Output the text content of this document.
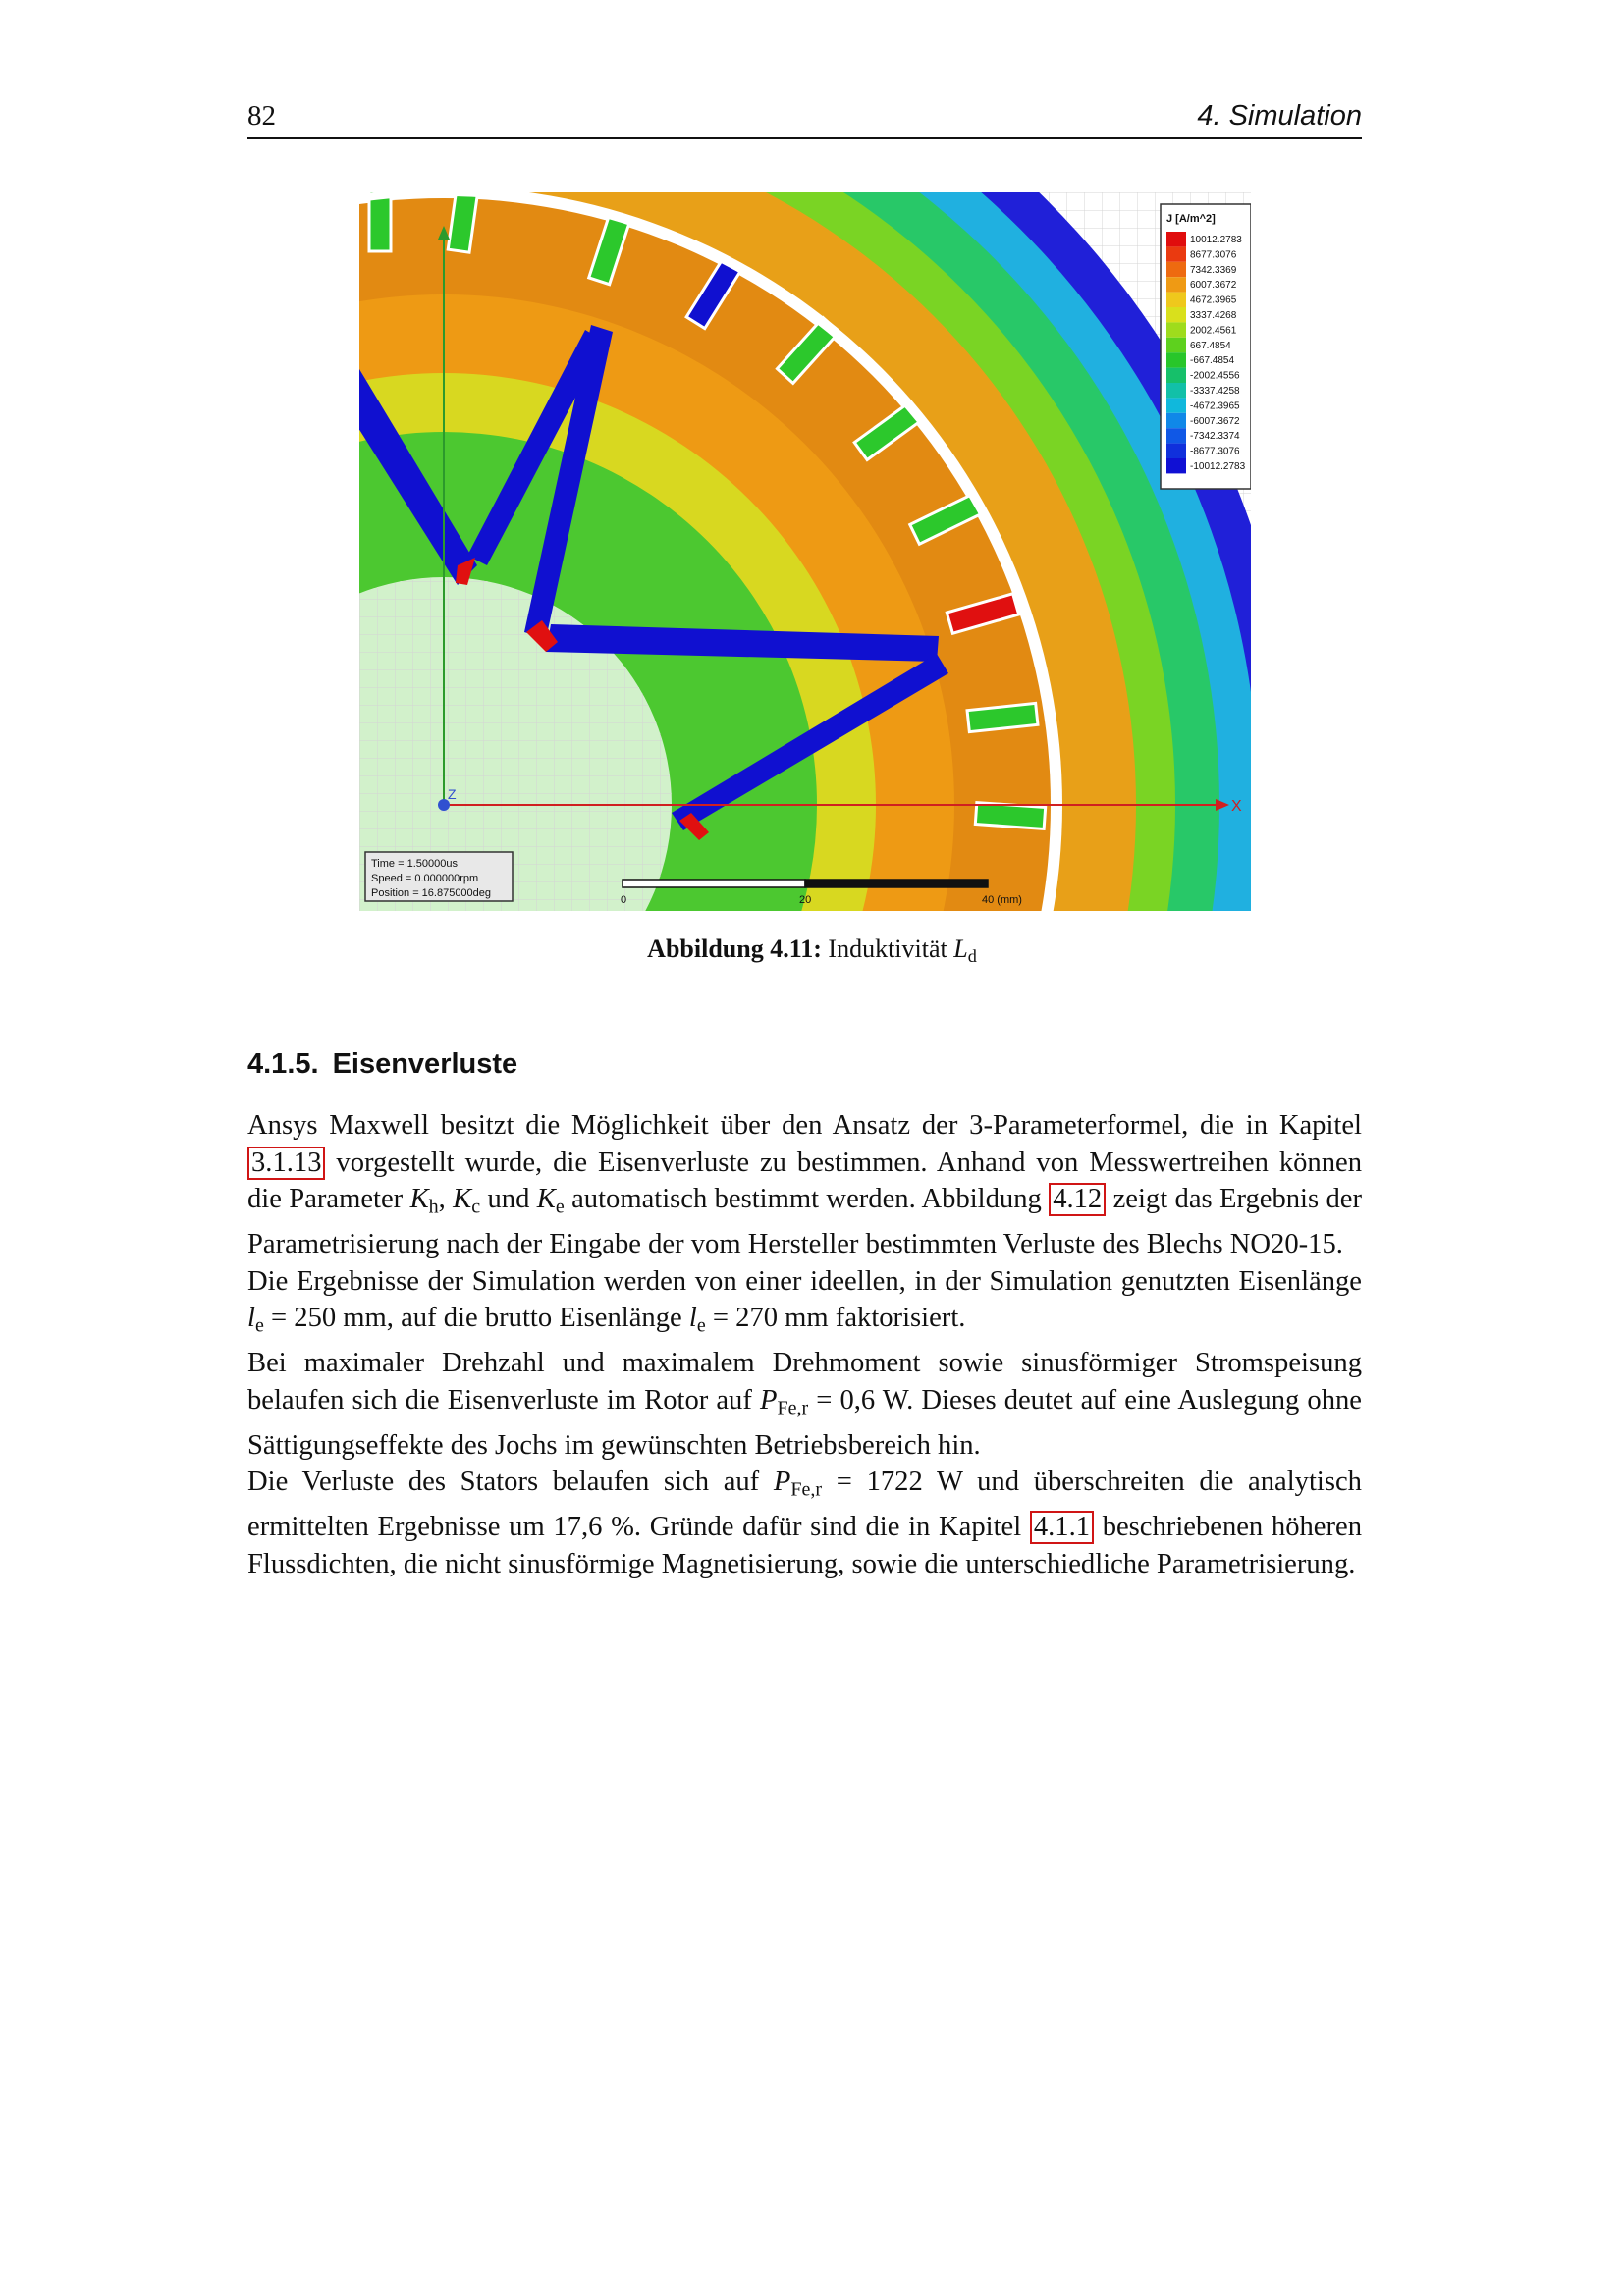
82	4. Simulation
X
Z
J [A/m^2]
10012.2783
8677.3076
7342.3369
6007.3672
4672.3965
3337.4268
2002.4561
667.4854
-667.4854
-2002.4556
-3337.4258
-4672.3965
-6007.3672
-7342.3374
-8677.3076
-10012.2783
Time = 1.50000us
Speed = 0.000000rpm
Position = 16.875000deg
0	20	40 (mm)
Abbildung 4.11: Induktivität $L_d$
4.1.5. Eisenverluste

Ansys Maxwell besitzt die Möglichkeit über den Ansatz der 3-Parameterformel, die in Kapitel 3.1.13 vorgestellt wurde, die Eisenverluste zu bestimmen. Anhand von Messwertreihen können die Parameter $K_h$, $K_c$ und $K_e$ automatisch bestimmt werden. Abbildung 4.12 zeigt das Ergebnis der Parametrisierung nach der Eingabe der vom Hersteller bestimmten Verluste des Blechs NO20-15.

Die Ergebnisse der Simulation werden von einer ideellen, in der Simulation genutzten Eisenlänge $l_e = 250$ mm, auf die brutto Eisenlänge $l_e = 270$ mm faktorisiert.

Bei maximaler Drehzahl und maximalem Drehmoment sowie sinusförmiger Stromspeisung belaufen sich die Eisenverluste im Rotor auf $P_{Fe,r} = 0,6$ W. Dieses deutet auf eine Auslegung ohne Sättigungseffekte des Jochs im gewünschten Betriebsbereich hin.

Die Verluste des Stators belaufen sich auf $P_{Fe,r} = 1722$ W und überschreiten die analytisch ermittelten Ergebnisse um 17,6 %. Gründe dafür sind die in Kapitel 4.1.1 beschriebenen höheren Flussdichten, die nicht sinusförmige Magnetisierung, sowie die unterschiedliche Parametrisierung.
